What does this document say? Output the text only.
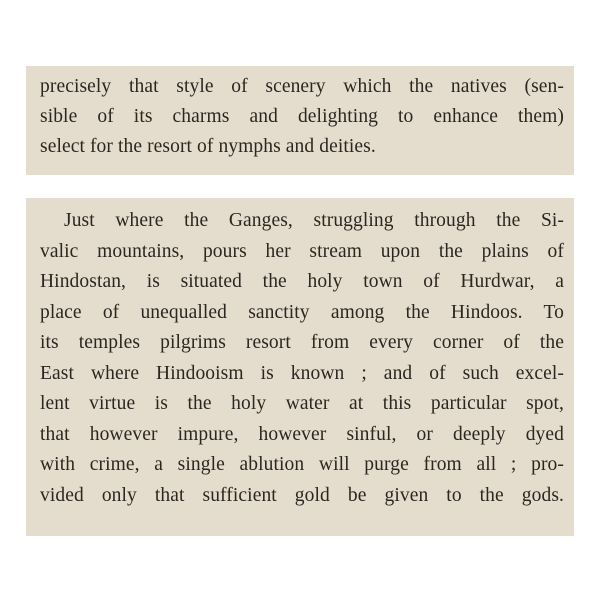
precisely that style of scenery which the natives (sen-
sible of its charms and delighting to enhance them)
select for the resort of nymphs and deities.
Just where the Ganges, struggling through the Si-
valic mountains, pours her stream upon the plains of
Hindostan, is situated the holy town of Hurdwar, a
place of unequalled sanctity among the Hindoos. To
its temples pilgrims resort from every corner of the
East where Hindooism is known ; and of such excel-
lent virtue is the holy water at this particular spot,
that however impure, however sinful, or deeply dyed
with crime, a single ablution will purge from all ; pro-
vided only that sufficient gold be given to the gods.
